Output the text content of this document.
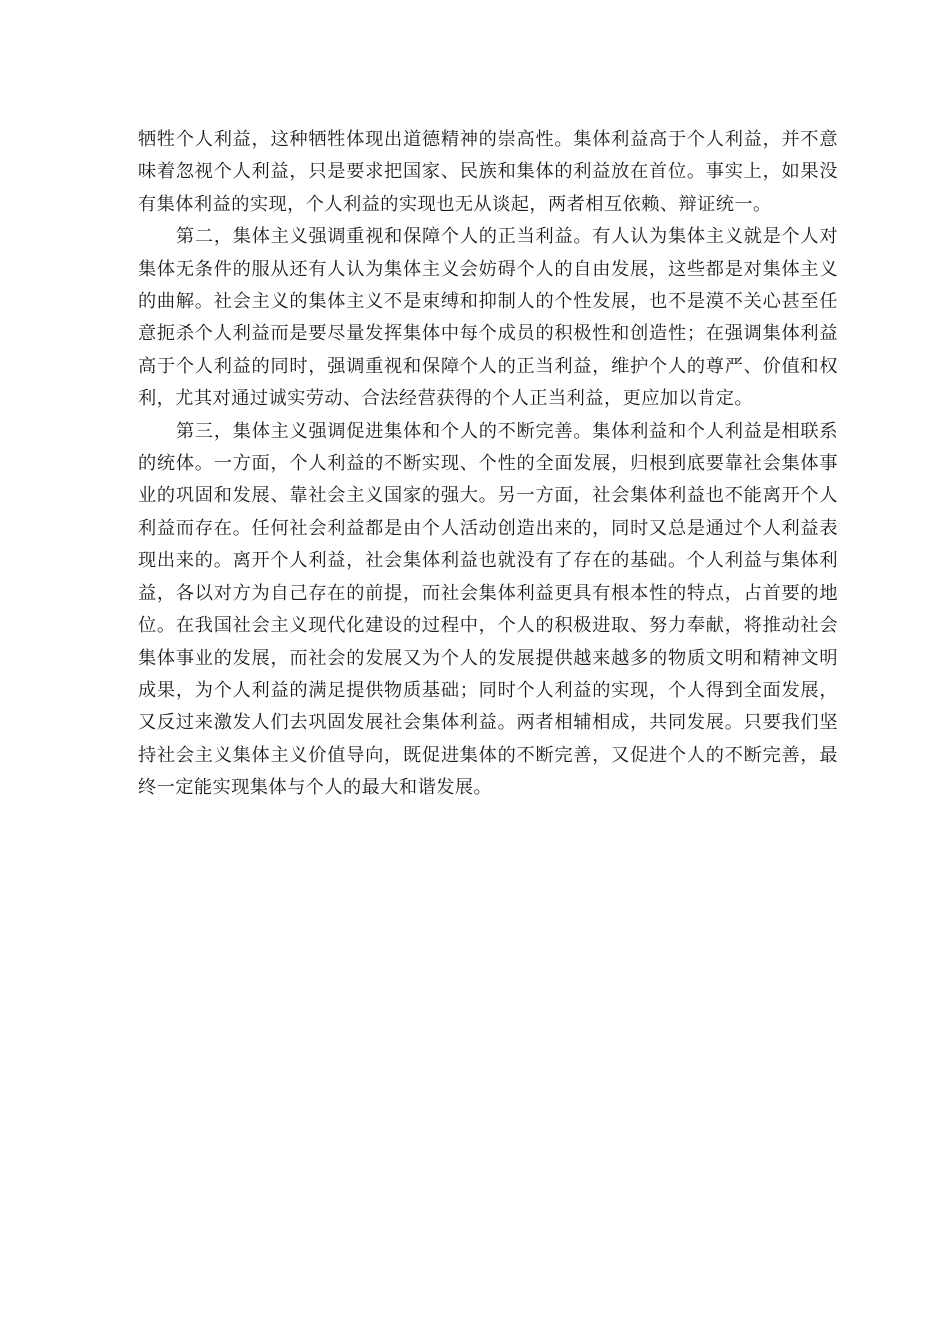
牺牲个人利益，这种牺牲体现出道德精神的崇高性。集体利益高于个人利益，并不意味着忽视个人利益，只是要求把国家、民族和集体的利益放在首位。事实上，如果没有集体利益的实现，个人利益的实现也无从谈起，两者相互依赖、辩证统一。

第二，集体主义强调重视和保障个人的正当利益。有人认为集体主义就是个人对集体无条件的服从还有人认为集体主义会妨碍个人的自由发展，这些都是对集体主义的曲解。社会主义的集体主义不是束缚和抑制人的个性发展，也不是漠不关心甚至任意扼杀个人利益而是要尽量发挥集体中每个成员的积极性和创造性；在强调集体利益高于个人利益的同时，强调重视和保障个人的正当利益，维护个人的尊严、价值和权利，尤其对通过诚实劳动、合法经营获得的个人正当利益，更应加以肯定。

第三，集体主义强调促进集体和个人的不断完善。集体利益和个人利益是相联系的统体。一方面，个人利益的不断实现、个性的全面发展，归根到底要靠社会集体事业的巩固和发展、靠社会主义国家的强大。另一方面，社会集体利益也不能离开个人利益而存在。任何社会利益都是由个人活动创造出来的，同时又总是通过个人利益表现出来的。离开个人利益，社会集体利益也就没有了存在的基础。个人利益与集体利益，各以对方为自己存在的前提，而社会集体利益更具有根本性的特点，占首要的地位。在我国社会主义现代化建设的过程中，个人的积极进取、努力奉献，将推动社会集体事业的发展，而社会的发展又为个人的发展提供越来越多的物质文明和精神文明成果，为个人利益的满足提供物质基础；同时个人利益的实现，个人得到全面发展，又反过来激发人们去巩固发展社会集体利益。两者相辅相成，共同发展。只要我们坚持社会主义集体主义价值导向，既促进集体的不断完善，又促进个人的不断完善，最终一定能实现集体与个人的最大和谐发展。
